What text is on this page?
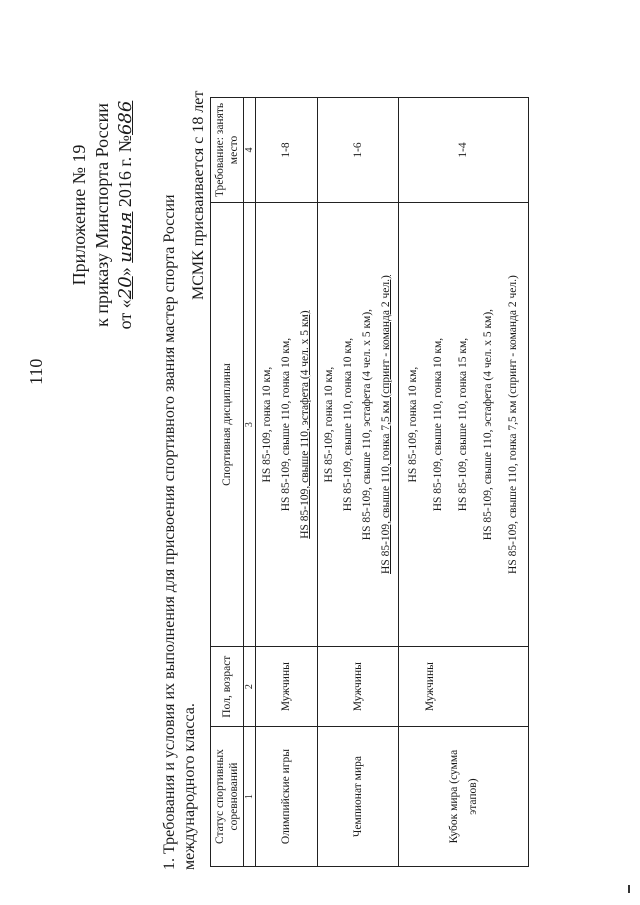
110
Приложение № 19 к приказу Минспорта России от «20» июня 2016 г. №686
1. Требования и условия их выполнения для присвоения спортивного звания мастер спорта России международного класса.
МСМК присваивается с 18 лет
Статус спортивных соревнований	Пол, возраст	Спортивная дисциплины	Требование: занять место
1	2	3	4
Олимпийские игры	Мужчины	HS 85-109, гонка 10 км, HS 85-109, свыше 110, гонка 10 км, HS 85-109, свыше 110, эстафета (4 чел. х 5 км)	1-8
Чемпионат мира	Мужчины	HS 85-109, гонка 10 км, HS 85-109, свыше 110, гонка 10 км, HS 85-109, свыше 110, эстафета (4 чел. х 5 км), HS 85-109, свыше 110, гонка 7,5 км (спринт - команда 2 чел.)	1-6
Кубок мира (сумма этапов)	Мужчины	HS 85-109, гонка 10 км, HS 85-109, свыше 110, гонка 10 км, HS 85-109, свыше 110, гонка 15 км, HS 85-109, свыше 110, эстафета (4 чел. х 5 км), HS 85-109, свыше 110, гонка 7,5 км (спринт - команда 2 чел.)	1-4
